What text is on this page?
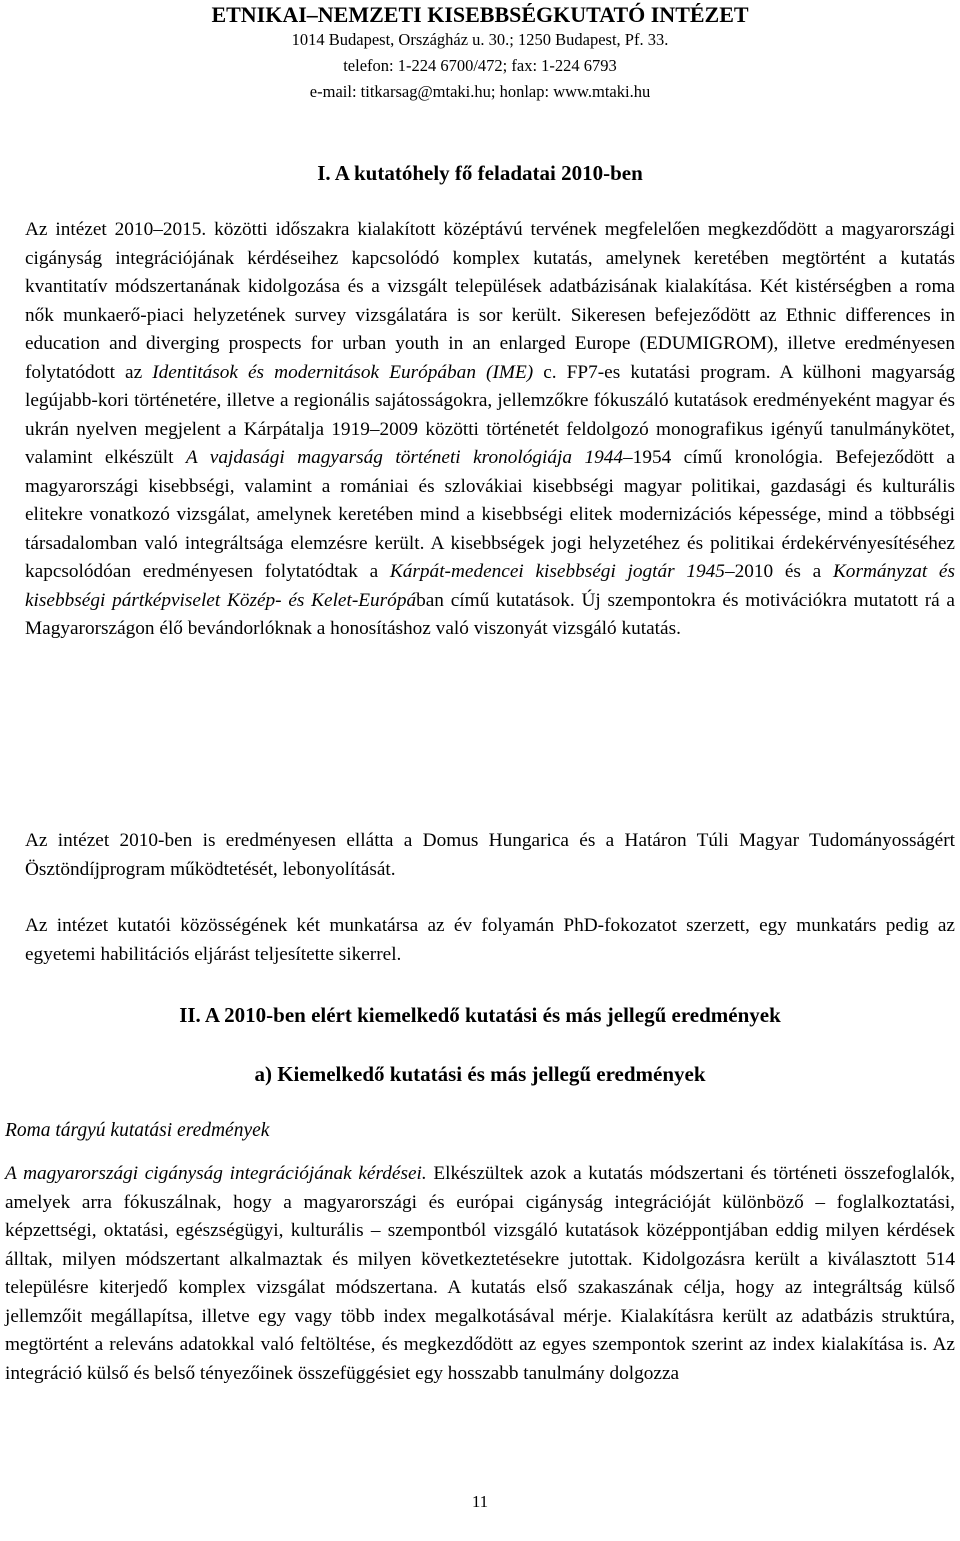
ETNIKAI–NEMZETI KISEBBSÉGKUTATÓ INTÉZET
1014 Budapest, Országház u. 30.; 1250 Budapest, Pf. 33.
telefon: 1-224 6700/472; fax: 1-224 6793
e-mail: titkarsag@mtaki.hu; honlap: www.mtaki.hu
I. A kutatóhely fő feladatai 2010-ben
Az intézet 2010–2015. közötti időszakra kialakított középtávú tervének megfelelően megkezdődött a magyarországi cigányság integrációjának kérdéseihez kapcsolódó komplex kutatás, amelynek keretében megtörtént a kutatás kvantitatív módszertanának kidolgozása és a vizsgált települések adatbázisának kialakítása. Két kistérségben a roma nők munkaerő-piaci helyzetének survey vizsgálatára is sor került. Sikeresen befejeződött az Ethnic differences in education and diverging prospects for urban youth in an enlarged Europe (EDUMIGROM), illetve eredményesen folytatódott az Identitások és modernitások Európában (IME) c. FP7-es kutatási program. A külhoni magyarság legújabb-kori történetére, illetve a regionális sajátosságokra, jellemzőkre fókuszáló kutatások eredményeként magyar és ukrán nyelven megjelent a Kárpátalja 1919–2009 közötti történetét feldolgozó monografikus igényű tanulmánykötet, valamint elkészült A vajdasági magyarság történeti kronológiája 1944–1954 című kronológia. Befejeződött a magyarországi kisebbségi, valamint a romániai és szlovákiai kisebbségi magyar politikai, gazdasági és kulturális elitekre vonatkozó vizsgálat, amelynek keretében mind a kisebbségi elitek modernizációs képessége, mind a többségi társadalomban való integráltsága elemzésre került. A kisebbségek jogi helyzetéhez és politikai érdekérvényesítéséhez kapcsolódóan eredményesen folytatódtak a Kárpát-medencei kisebbségi jogtár 1945–2010 és a Kormányzat és kisebbségi pártképviselet Közép- és Kelet-Európában című kutatások. Új szempontokra és motivációkra mutatott rá a Magyarországon élő bevándorlóknak a honosításhoz való viszonyát vizsgáló kutatás.
Az intézet 2010-ben is eredményesen ellátta a Domus Hungarica és a Határon Túli Magyar Tudományosságért Ösztöndíjprogram működtetését, lebonyolítását.
Az intézet kutatói közösségének két munkatársa az év folyamán PhD-fokozatot szerzett, egy munkatárs pedig az egyetemi habilitációs eljárást teljesítette sikerrel.
II. A 2010-ben elért kiemelkedő kutatási és más jellegű eredmények
a) Kiemelkedő kutatási és más jellegű eredmények
Roma tárgyú kutatási eredmények
A magyarországi cigányság integrációjának kérdései. Elkészültek azok a kutatás módszertani és történeti összefoglalók, amelyek arra fókuszálnak, hogy a magyarországi és európai cigányság integrációját különböző – foglalkoztatási, képzettségi, oktatási, egészségügyi, kulturális – szempontból vizsgáló kutatások középpontjában eddig milyen kérdések álltak, milyen módszertant alkalmaztak és milyen következtetésekre jutottak. Kidolgozásra került a kiválasztott 514 településre kiterjedő komplex vizsgálat módszertana. A kutatás első szakaszának célja, hogy az integráltság külső jellemzőit megállapítsa, illetve egy vagy több index megalkotásával mérje. Kialakításra került az adatbázis struktúra, megtörtént a releváns adatokkal való feltöltése, és megkezdődött az egyes szempontok szerint az index kialakítása is. Az integráció külső és belső tényezőinek összefüggésiet egy hosszabb tanulmány dolgozza
11
